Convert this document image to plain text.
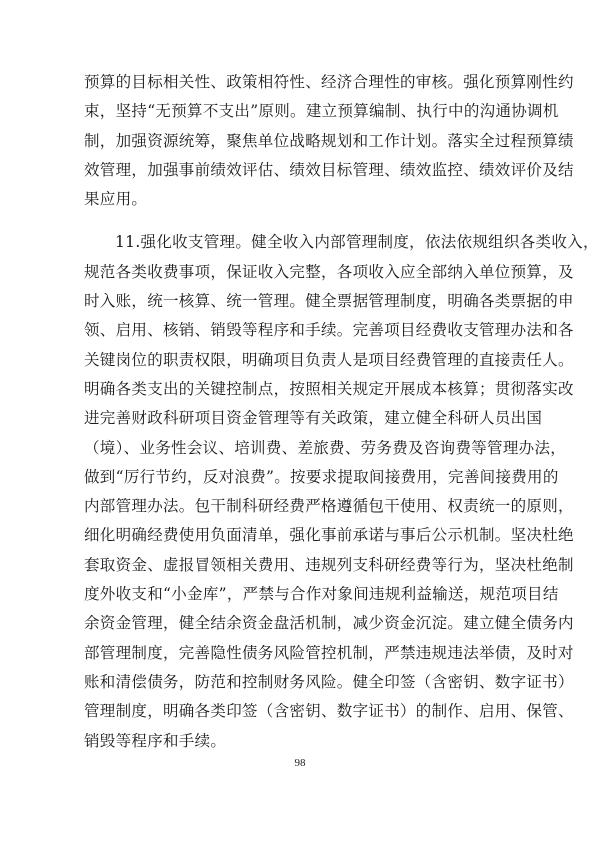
预算的目标相关性、政策相符性、经济合理性的审核。强化预算刚性约
束，坚持“无预算不支出”原则。建立预算编制、执行中的沟通协调机
制，加强资源统筹，聚焦单位战略规划和工作计划。落实全过程预算绩
效管理，加强事前绩效评估、绩效目标管理、绩效监控、绩效评价及结
果应用。
11.强化收支管理。健全收入内部管理制度，依法依规组织各类收入，
规范各类收费事项，保证收入完整，各项收入应全部纳入单位预算，及
时入账，统一核算、统一管理。健全票据管理制度，明确各类票据的申
领、启用、核销、销毁等程序和手续。完善项目经费收支管理办法和各
关键岗位的职责权限，明确项目负责人是项目经费管理的直接责任人。
明确各类支出的关键控制点，按照相关规定开展成本核算；贯彻落实改
进完善财政科研项目资金管理等有关政策，建立健全科研人员出国
（境）、业务性会议、培训费、差旅费、劳务费及咨询费等管理办法，
做到“厉行节约，反对浪费”。按要求提取间接费用，完善间接费用的
内部管理办法。包干制科研经费严格遵循包干使用、权责统一的原则，
细化明确经费使用负面清单，强化事前承诺与事后公示机制。坚决杜绝
套取资金、虚报冒领相关费用、违规列支科研经费等行为，坚决杜绝制
度外收支和“小金库”，严禁与合作对象间违规利益输送，规范项目结
余资金管理，健全结余资金盘活机制，减少资金沉淀。建立健全债务内
部管理制度，完善隐性债务风险管控机制，严禁违规违法举债，及时对
账和清偿债务，防范和控制财务风险。健全印签（含密钥、数字证书）
管理制度，明确各类印签（含密钥、数字证书）的制作、启用、保管、
销毁等程序和手续。
98
